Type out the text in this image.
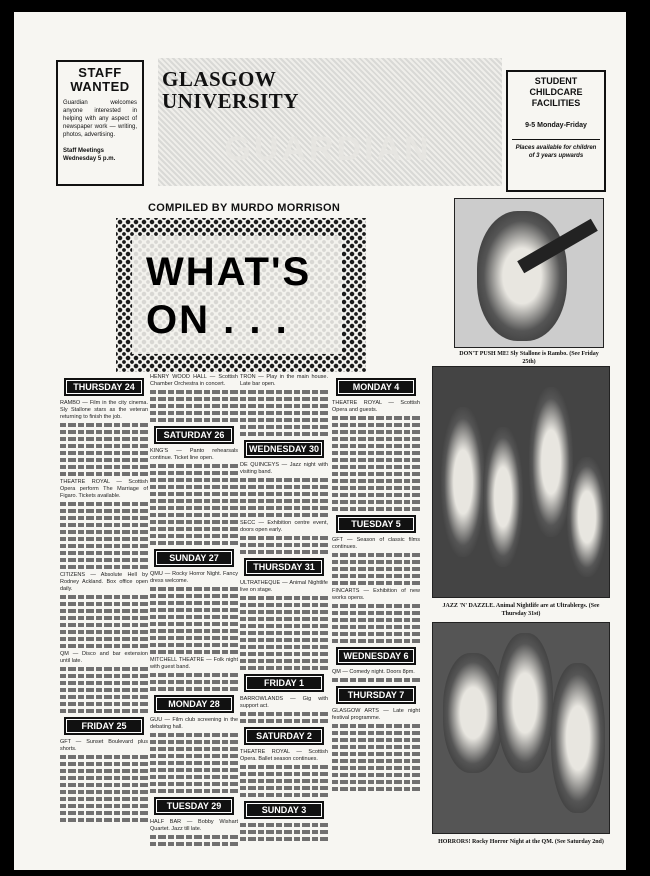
STAFF WANTED
Guardian welcomes anyone interested in helping with any aspect of newspaper work — writing, photos, advertising.
Staff Meetings Wednesday 5 p.m.
GLASGOW
UNIVERSITY
GUARDIAN
STUDENT CHILDCARE FACILITIES
9-5 Monday-Friday
Places available for children of 3 years upwards
COMPILED BY MURDO MORRISON
WHAT'S
ON . . .
DON'T PUSH ME! Sly Stallone is Rambo. (See Friday 25th)
JAZZ 'N' DAZZLE. Animal Nightlife are at Ultrablergs. (See Thursday 31st)
HORRORS! Rocky Horror Night at the QM. (See Saturday 2nd)
THURSDAY 24

RAMBO — Film in the city cinema. Sly Stallone stars as the veteran returning to finish the job.

THEATRE ROYAL — Scottish Opera perform The Marriage of Figaro. Tickets available.

CITIZENS — Absolute Hell by Rodney Ackland. Box office open daily.

QM — Disco and bar extension until late.

FRIDAY 25

GFT — Sunset Boulevard plus shorts.

HENRY WOOD HALL — Scottish Chamber Orchestra in concert.

SATURDAY 26

KING'S — Panto rehearsals continue. Ticket line open.

SUNDAY 27

QMU — Rocky Horror Night. Fancy dress welcome.

MITCHELL THEATRE — Folk night with guest band.

MONDAY 28

GUU — Film club screening in the debating hall.

TUESDAY 29

HALF BAR — Bobby Wishart Quartet. Jazz till late.

TRON — Play in the main house. Late bar open.

WEDNESDAY 30

DE QUINCEYS — Jazz night with visiting band.

SECC — Exhibition centre event, doors open early.

THURSDAY 31

ULTRATHEQUE — Animal Nightlife live on stage.

FRIDAY 1

BARROWLANDS — Gig with support act.

SATURDAY 2

THEATRE ROYAL — Scottish Opera. Ballet season continues.

SUNDAY 3
MONDAY 4

THEATRE ROYAL — Scottish Opera and guests.

TUESDAY 5

GFT — Season of classic films continues.

FINCARTS — Exhibition of new works opens.

WEDNESDAY 6

QM — Comedy night. Doors 8pm.

THURSDAY 7

GLASGOW ARTS — Late night festival programme.
